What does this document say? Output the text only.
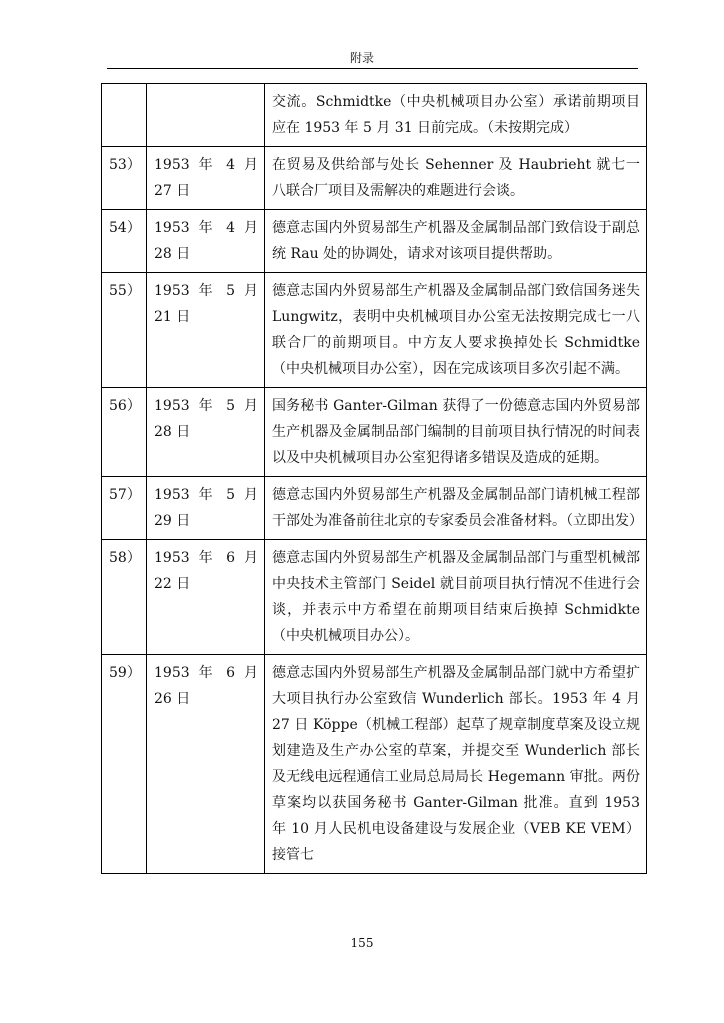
附录
		交流。Schmidtke（中央机械项目办公室）承诺前期项目应在 1953 年 5 月 31 日前完成。（未按期完成）
53）	1953 年 4 月 27 日	在贸易及供给部与处长 Sehenner 及 Haubrieht 就七一八联合厂项目及需解决的难题进行会谈。
54）	1953 年 4 月 28 日	德意志国内外贸易部生产机器及金属制品部门致信设于副总统 Rau 处的协调处，请求对该项目提供帮助。
55）	1953 年 5 月 21 日	德意志国内外贸易部生产机器及金属制品部门致信国务迷失 Lungwitz，表明中央机械项目办公室无法按期完成七一八联合厂的前期项目。中方友人要求换掉处长 Schmidtke（中央机械项目办公室），因在完成该项目多次引起不满。
56）	1953 年 5 月 28 日	国务秘书 Ganter-Gilman 获得了一份德意志国内外贸易部生产机器及金属制品部门编制的目前项目执行情况的时间表以及中央机械项目办公室犯得诸多错误及造成的延期。
57）	1953 年 5 月 29 日	德意志国内外贸易部生产机器及金属制品部门请机械工程部干部处为准备前往北京的专家委员会准备材料。（立即出发）
58）	1953 年 6 月 22 日	德意志国内外贸易部生产机器及金属制品部门与重型机械部中央技术主管部门 Seidel 就目前项目执行情况不佳进行会谈，并表示中方希望在前期项目结束后换掉 Schmidkte（中央机械项目办公）。
59）	1953 年 6 月 26 日	德意志国内外贸易部生产机器及金属制品部门就中方希望扩大项目执行办公室致信 Wunderlich 部长。1953 年 4 月 27 日 Köppe（机械工程部）起草了规章制度草案及设立规划建造及生产办公室的草案，并提交至 Wunderlich 部长及无线电远程通信工业局总局局长 Hegemann 审批。两份草案均以获国务秘书 Ganter-Gilman 批准。直到 1953 年 10 月人民机电设备建设与发展企业（VEB KE VEM）接管七
155
